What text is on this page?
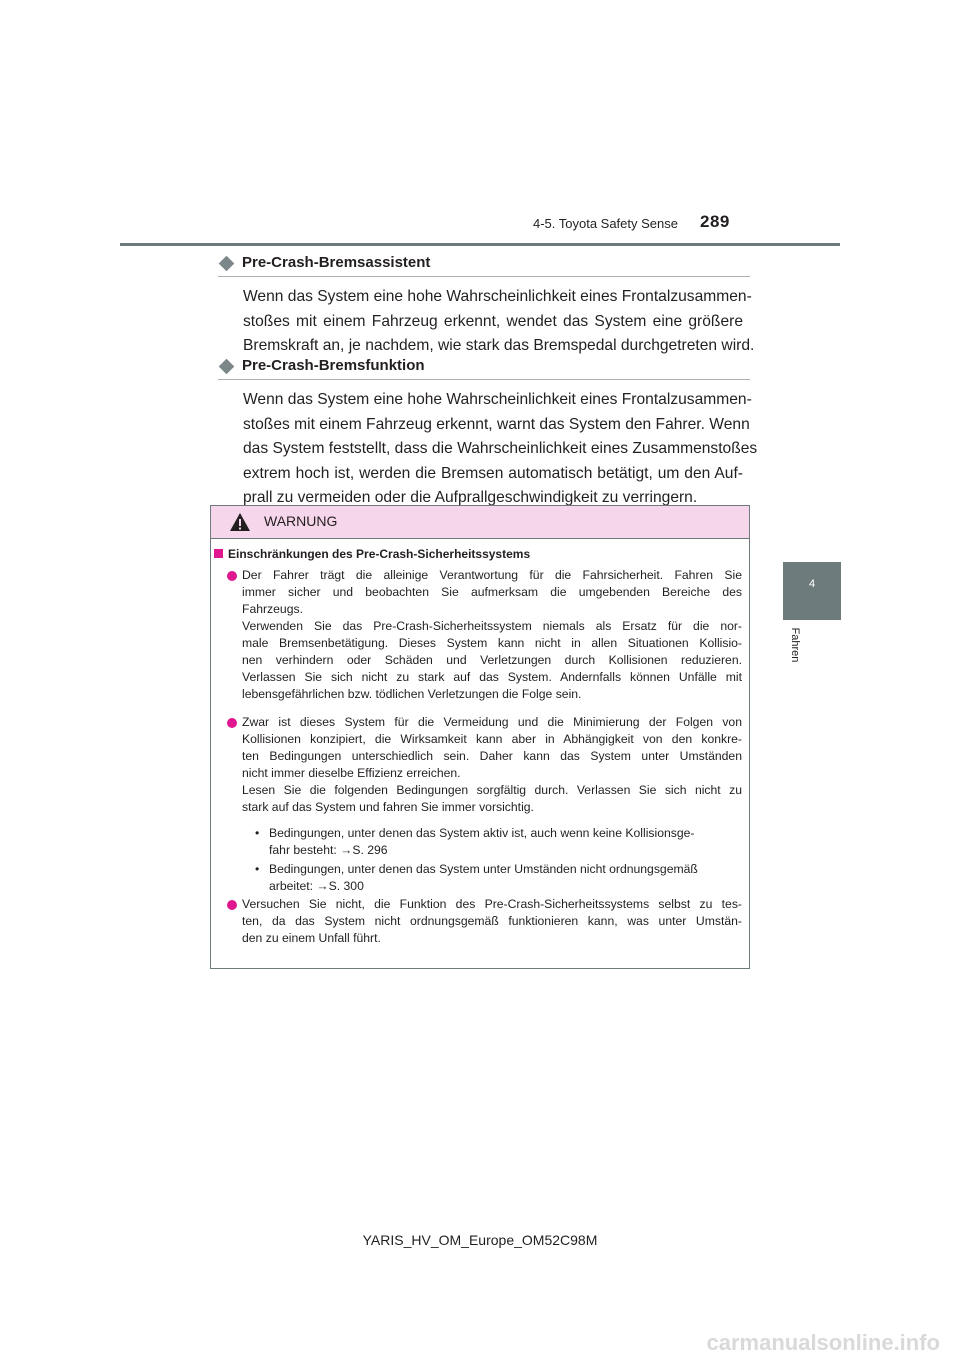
4-5. Toyota Safety Sense 289
4
Fahren
Pre-Crash-Bremsassistent
Wenn das System eine hohe Wahrscheinlichkeit eines Frontalzusammen-
stoßes mit einem Fahrzeug erkennt, wendet das System eine größere
Bremskraft an, je nachdem, wie stark das Bremspedal durchgetreten wird.
Pre-Crash-Bremsfunktion
Wenn das System eine hohe Wahrscheinlichkeit eines Frontalzusammen-
stoßes mit einem Fahrzeug erkennt, warnt das System den Fahrer. Wenn
das System feststellt, dass die Wahrscheinlichkeit eines Zusammenstoßes
extrem hoch ist, werden die Bremsen automatisch betätigt, um den Auf-
prall zu vermeiden oder die Aufprallgeschwindigkeit zu verringern.
WARNUNG
Einschränkungen des Pre-Crash-Sicherheitssystems
Der Fahrer trägt die alleinige Verantwortung für die Fahrsicherheit. Fahren Sie
immer sicher und beobachten Sie aufmerksam die umgebenden Bereiche des
Fahrzeugs.
Verwenden Sie das Pre-Crash-Sicherheitssystem niemals als Ersatz für die nor-
male Bremsenbetätigung. Dieses System kann nicht in allen Situationen Kollisio-
nen verhindern oder Schäden und Verletzungen durch Kollisionen reduzieren.
Verlassen Sie sich nicht zu stark auf das System. Andernfalls können Unfälle mit
lebensgefährlichen bzw. tödlichen Verletzungen die Folge sein.
Zwar ist dieses System für die Vermeidung und die Minimierung der Folgen von
Kollisionen konzipiert, die Wirksamkeit kann aber in Abhängigkeit von den konkre-
ten Bedingungen unterschiedlich sein. Daher kann das System unter Umständen
nicht immer dieselbe Effizienz erreichen.
Lesen Sie die folgenden Bedingungen sorgfältig durch. Verlassen Sie sich nicht zu
stark auf das System und fahren Sie immer vorsichtig.
• Bedingungen, unter denen das System aktiv ist, auch wenn keine Kollisionsge-
fahr besteht: →S. 296
• Bedingungen, unter denen das System unter Umständen nicht ordnungsgemäß
arbeitet: →S. 300
Versuchen Sie nicht, die Funktion des Pre-Crash-Sicherheitssystems selbst zu tes-
ten, da das System nicht ordnungsgemäß funktionieren kann, was unter Umstän-
den zu einem Unfall führt.
YARIS_HV_OM_Europe_OM52C98M
carmanualsonline.info
